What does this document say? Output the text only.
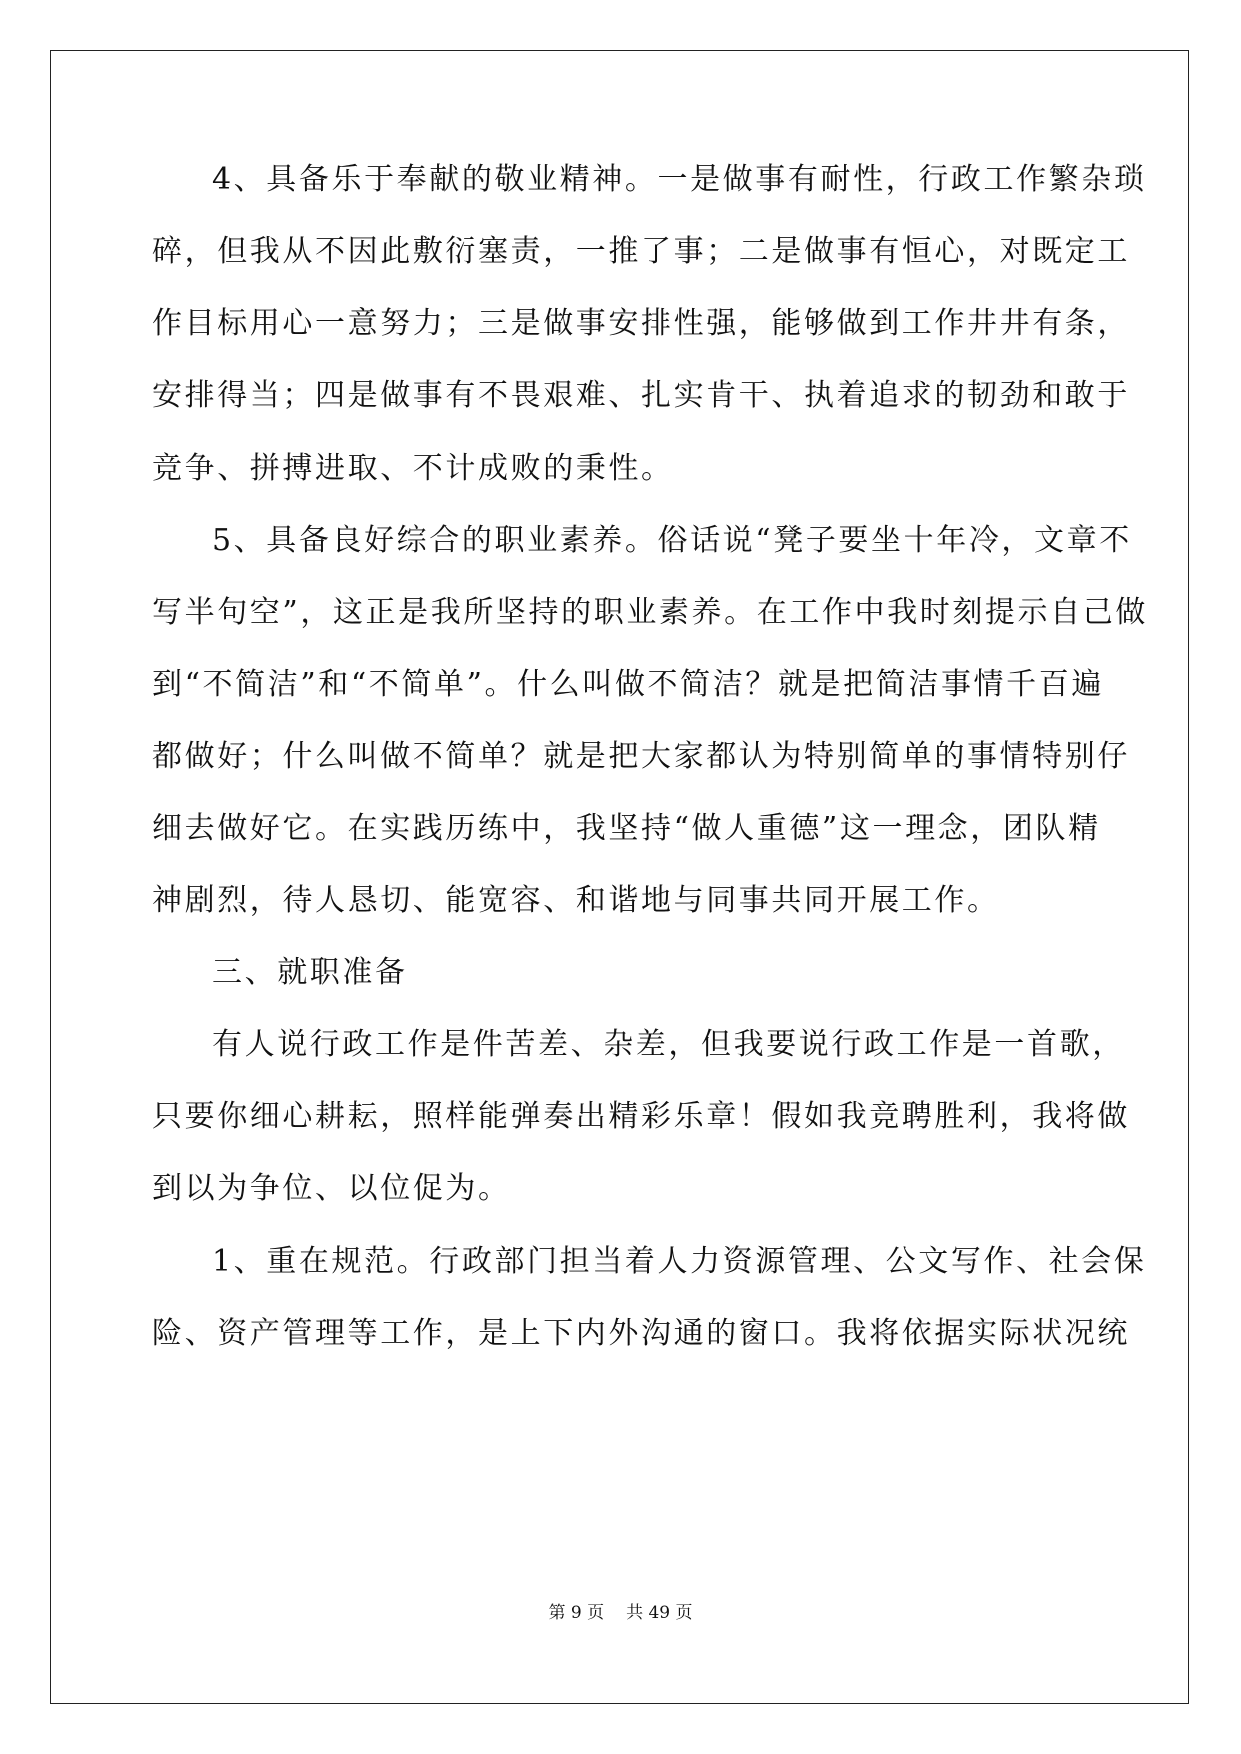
4、具备乐于奉献的敬业精神。一是做事有耐性，行政工作繁杂琐
碎，但我从不因此敷衍塞责，一推了事；二是做事有恒心，对既定工
作目标用心一意努力；三是做事安排性强，能够做到工作井井有条，
安排得当；四是做事有不畏艰难、扎实肯干、执着追求的韧劲和敢于
竞争、拼搏进取、不计成败的秉性。
5、具备良好综合的职业素养。俗话说“凳子要坐十年冷，文章不
写半句空”，这正是我所坚持的职业素养。在工作中我时刻提示自己做
到“不简洁”和“不简单”。什么叫做不简洁？就是把简洁事情千百遍
都做好；什么叫做不简单？就是把大家都认为特别简单的事情特别仔
细去做好它。在实践历练中，我坚持“做人重德”这一理念，团队精
神剧烈，待人恳切、能宽容、和谐地与同事共同开展工作。
三、就职准备
有人说行政工作是件苦差、杂差，但我要说行政工作是一首歌，
只要你细心耕耘，照样能弹奏出精彩乐章！假如我竞聘胜利，我将做
到以为争位、以位促为。
1、重在规范。行政部门担当着人力资源管理、公文写作、社会保
险、资产管理等工作，是上下内外沟通的窗口。我将依据实际状况统
第 9 页 共 49 页
